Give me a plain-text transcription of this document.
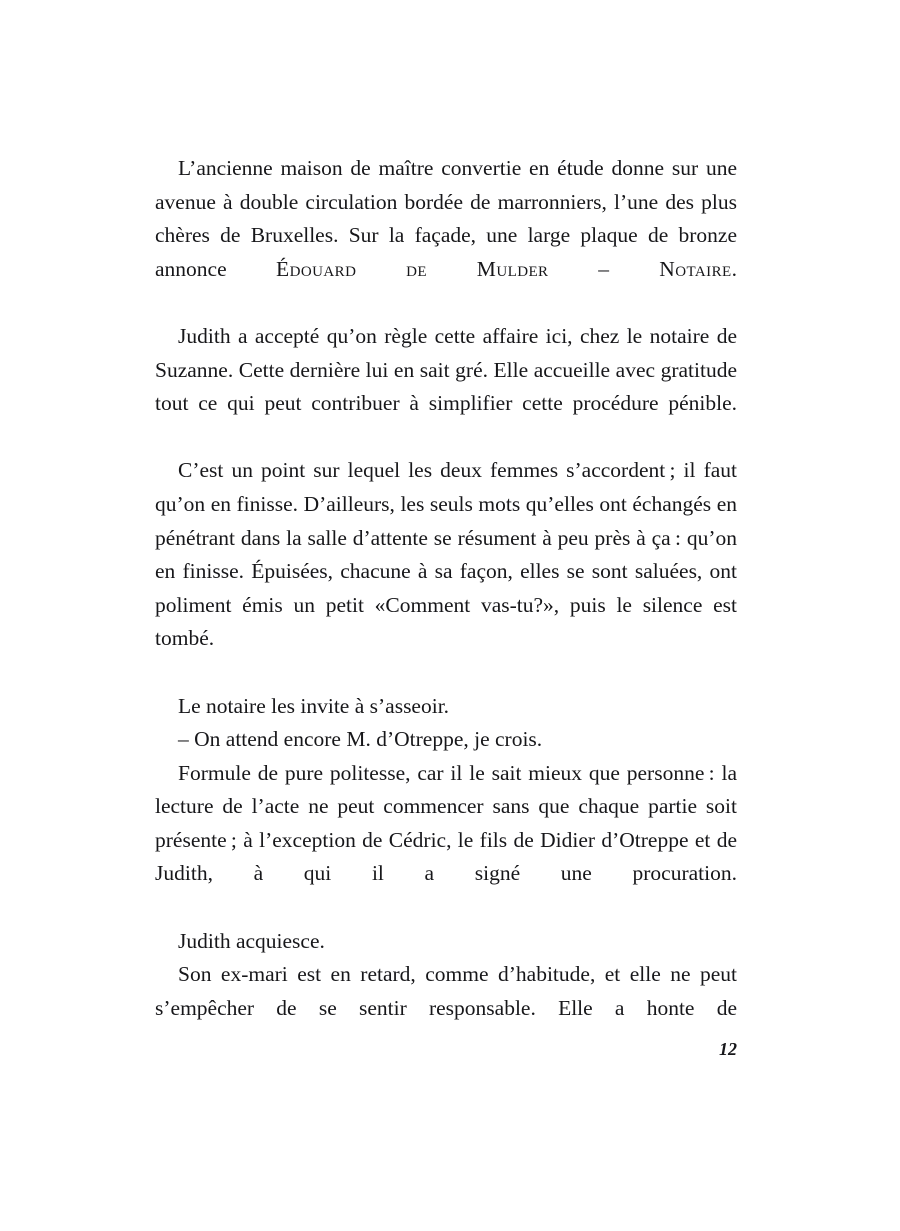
L’ancienne maison de maître convertie en étude donne sur une avenue à double circulation bordée de marronniers, l’une des plus chères de Bruxelles. Sur la façade, une large plaque de bronze annonce Édouard de Mulder – Notaire.

Judith a accepté qu’on règle cette affaire ici, chez le notaire de Suzanne. Cette dernière lui en sait gré. Elle accueille avec gratitude tout ce qui peut contribuer à simplifier cette procédure pénible.

C’est un point sur lequel les deux femmes s’accordent ; il faut qu’on en finisse. D’ailleurs, les seuls mots qu’elles ont échangés en pénétrant dans la salle d’attente se résument à peu près à ça : qu’on en finisse. Épuisées, chacune à sa façon, elles se sont saluées, ont poliment émis un petit «Comment vas-tu?», puis le silence est tombé.

Le notaire les invite à s’asseoir.

– On attend encore M. d’Otreppe, je crois.

Formule de pure politesse, car il le sait mieux que personne : la lecture de l’acte ne peut commencer sans que chaque partie soit présente ; à l’exception de Cédric, le fils de Didier d’Otreppe et de Judith, à qui il a signé une procuration.

Judith acquiesce.

Son ex-mari est en retard, comme d’habitude, et elle ne peut s’empêcher de se sentir responsable. Elle a honte de

12
